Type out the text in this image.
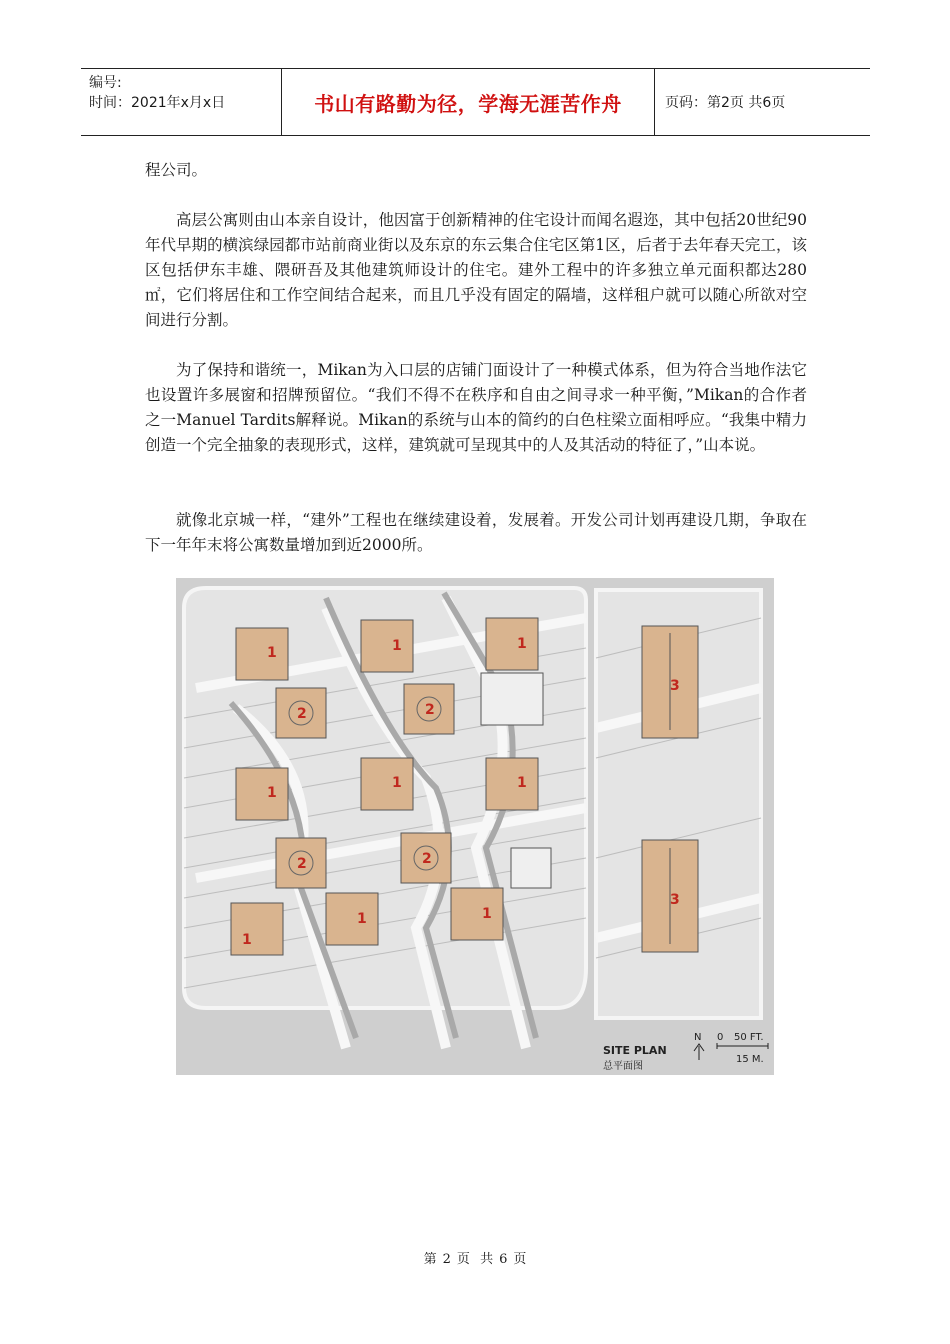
编号:
时间：2021年x月x日	书山有路勤为径，学海无涯苦作舟	页码：第2页 共6页

程公司。

高层公寓则由山本亲自设计，他因富于创新精神的住宅设计而闻名遐迩，其中包括20世纪90年代早期的横滨绿园都市站前商业街以及东京的东云集合住宅区第1区，后者于去年春天完工，该区包括伊东丰雄、隈研吾及其他建筑师设计的住宅。建外工程中的许多独立单元面积都达280㎡，它们将居住和工作空间结合起来，而且几乎没有固定的隔墙，这样租户就可以随心所欲对空间进行分割。

为了保持和谐统一，Mikan为入口层的店铺门面设计了一种模式体系，但为符合当地作法它也设置许多展窗和招牌预留位。“我们不得不在秩序和自由之间寻求一种平衡，”Mikan的合作者之一Manuel Tardits解释说。Mikan的系统与山本的简约的白色柱梁立面相呼应。“我集中精力创造一个完全抽象的表现形式，这样，建筑就可呈现其中的人及其活动的特征了，”山本说。

就像北京城一样，“建外”工程也在继续建设着，发展着。开发公司计划再建设几期，争取在下一年年末将公寓数量增加到近2000所。

1	1	1
1
1	1
1
1	1
2	2
2	2
3
3
SITE PLAN
总平面图
N 0 50 FT.
15 M.
第 2 页 共 6 页
